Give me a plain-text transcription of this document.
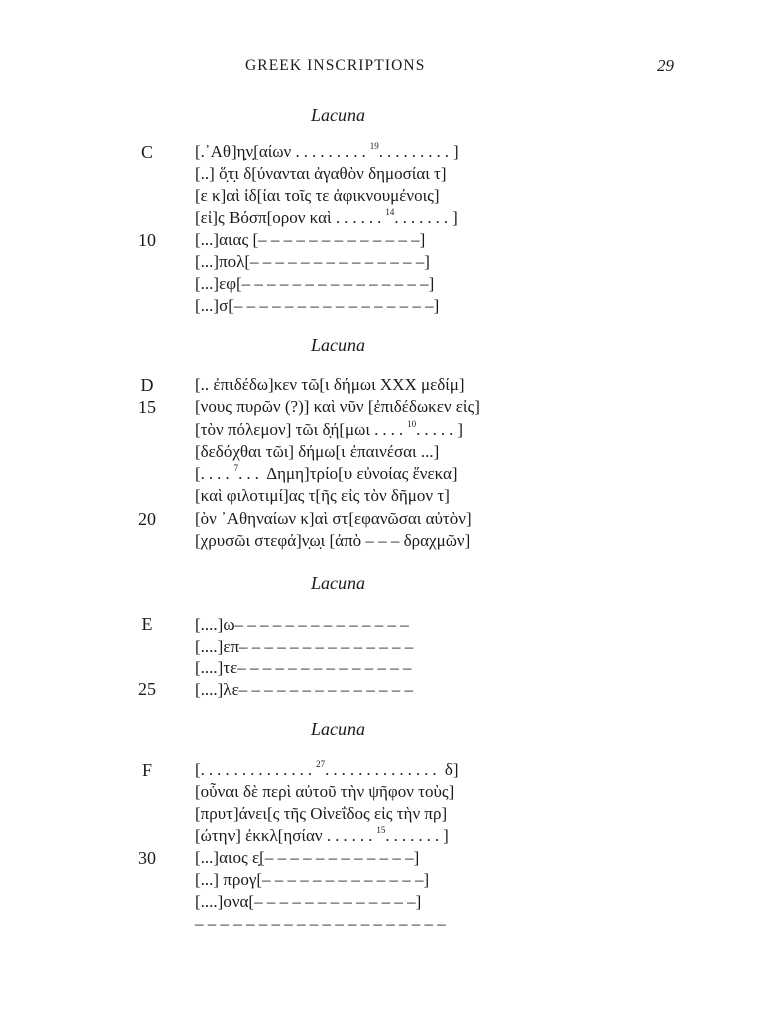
GREEK INSCRIPTIONS	29
Lacuna
C	[.᾿Αθ]η̣ν̣[αίων ......... 19 .........]
[..] ὅ̣τ̣ι δ[ύνανται ἀγαθὸν δημοσίαι τ]
[ε κ]αὶ ἰδ[ίαι τοῖς τε ἀφικνουμένοις]
[εἰ]ς Βόσπ[ορον καὶ ...... 14 .......]
10	[...]αιας [– – – – – – – – – – – – –]
[...]πολ[– – – – – – – – – – – – – –]
[...]εφ[– – – – – – – – – – – – – – –]
[...]σ[– – – – – – – – – – – – – – – –]
Lacuna
D	[.. ἐπιδέδω]κεν τῶ[ι δήμωι ΧΧΧ μεδίμ]
15	[νους πυρῶν (?)] καὶ νῦν [ἐπιδέδωκεν εἰς]
[τὸν πόλεμον] τῶι δ̣ή[μωι .... 10 .....]
[δεδόχθαι τῶι] δήμω[ι ἐπαινέσαι ...]
[ .... 7 ... Δημη]τρίο[υ εὐνοίας ἕνεκα]
[καὶ φιλοτιμί]ας τ[ῆς εἰς τὸν δῆμον τ]
20	[ὸν ᾿Αθηναίων κ]αὶ στ[εφανῶσαι αὐτὸν]
[χρυσῶι στεφά]ν̣ω̣ι [ἀπὸ – – – δραχμῶν]
Lacuna
E	[....]ω– – – – – – – – – – – – – –
[....]επ– – – – – – – – – – – – – –
[....]τε– – – – – – – – – – – – – –
25	[....]λε– – – – – – – – – – – – – –
Lacuna
F	[ .............. 27 .............. δ]
[οὗναι δὲ περὶ αὐτοῦ τὴν ψῆφον τοὺς]
[πρυτ]άνει[ς τῆς Οἰνεΐδος εἰς τὴν πρ]
[ώτην] ἐκκλ[ησίαν ...... 15 .......]
30	[...]αιος ε̣[– – – – – – – – – – – –]
[...] προγ[– – – – – – – – – – – – –]
[....]ονα[– – – – – – – – – – – – –]
– – – – – – – – – – – – – – – – – – – –
